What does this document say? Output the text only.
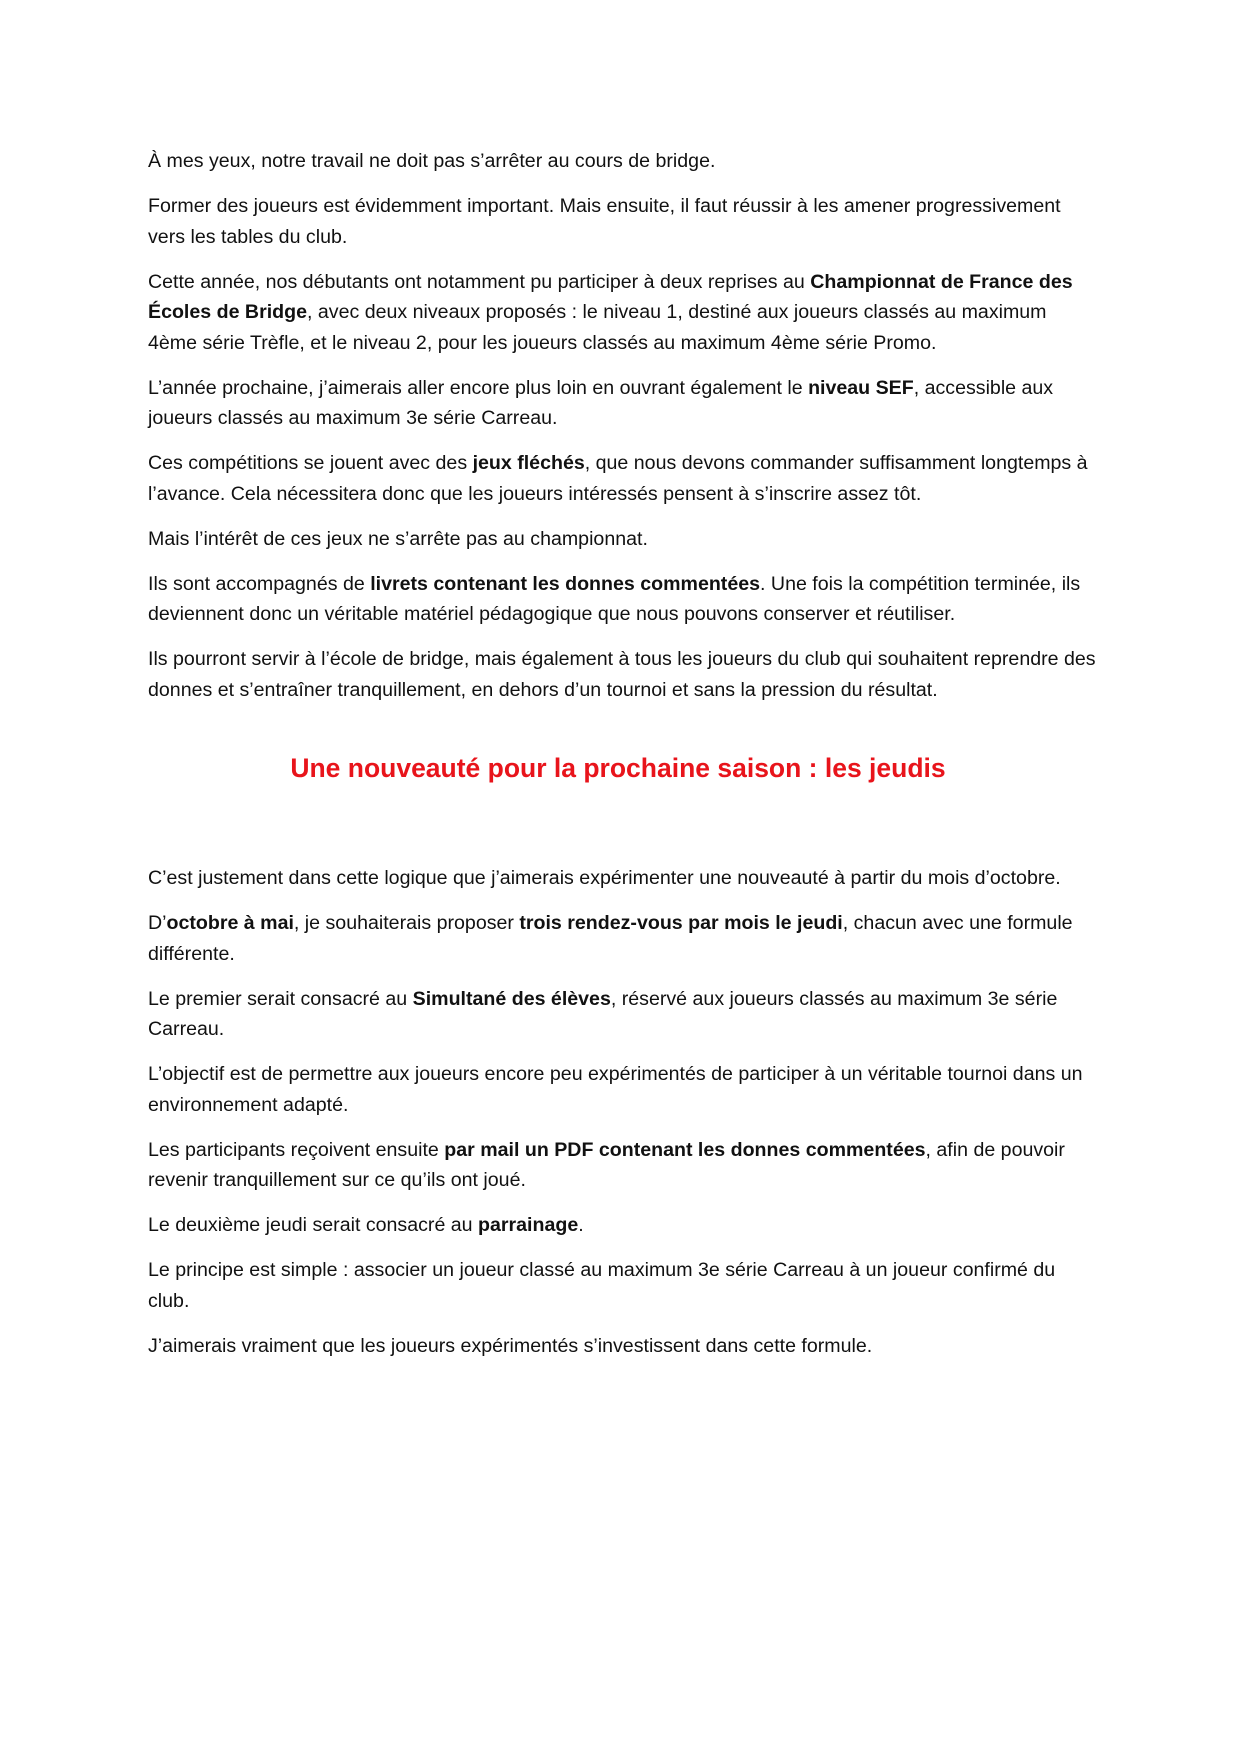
À mes yeux, notre travail ne doit pas s’arrêter au cours de bridge.

Former des joueurs est évidemment important. Mais ensuite, il faut réussir à les amener progressivement vers les tables du club.

Cette année, nos débutants ont notamment pu participer à deux reprises au Championnat de France des Écoles de Bridge, avec deux niveaux proposés : le niveau 1, destiné aux joueurs classés au maximum 4ème série Trèfle, et le niveau 2, pour les joueurs classés au maximum 4ème série Promo.

L’année prochaine, j’aimerais aller encore plus loin en ouvrant également le niveau SEF, accessible aux joueurs classés au maximum 3e série Carreau.

Ces compétitions se jouent avec des jeux fléchés, que nous devons commander suffisamment longtemps à l’avance. Cela nécessitera donc que les joueurs intéressés pensent à s’inscrire assez tôt.

Mais l’intérêt de ces jeux ne s’arrête pas au championnat.

Ils sont accompagnés de livrets contenant les donnes commentées. Une fois la compétition terminée, ils deviennent donc un véritable matériel pédagogique que nous pouvons conserver et réutiliser.

Ils pourront servir à l’école de bridge, mais également à tous les joueurs du club qui souhaitent reprendre des donnes et s’entraîner tranquillement, en dehors d’un tournoi et sans la pression du résultat.

Une nouveauté pour la prochaine saison : les jeudis

C’est justement dans cette logique que j’aimerais expérimenter une nouveauté à partir du mois d’octobre.

D’octobre à mai, je souhaiterais proposer trois rendez-vous par mois le jeudi, chacun avec une formule différente.

Le premier serait consacré au Simultané des élèves, réservé aux joueurs classés au maximum 3e série Carreau.

L’objectif est de permettre aux joueurs encore peu expérimentés de participer à un véritable tournoi dans un environnement adapté.

Les participants reçoivent ensuite par mail un PDF contenant les donnes commentées, afin de pouvoir revenir tranquillement sur ce qu’ils ont joué.

Le deuxième jeudi serait consacré au parrainage.

Le principe est simple : associer un joueur classé au maximum 3e série Carreau à un joueur confirmé du club.

J’aimerais vraiment que les joueurs expérimentés s’investissent dans cette formule.
